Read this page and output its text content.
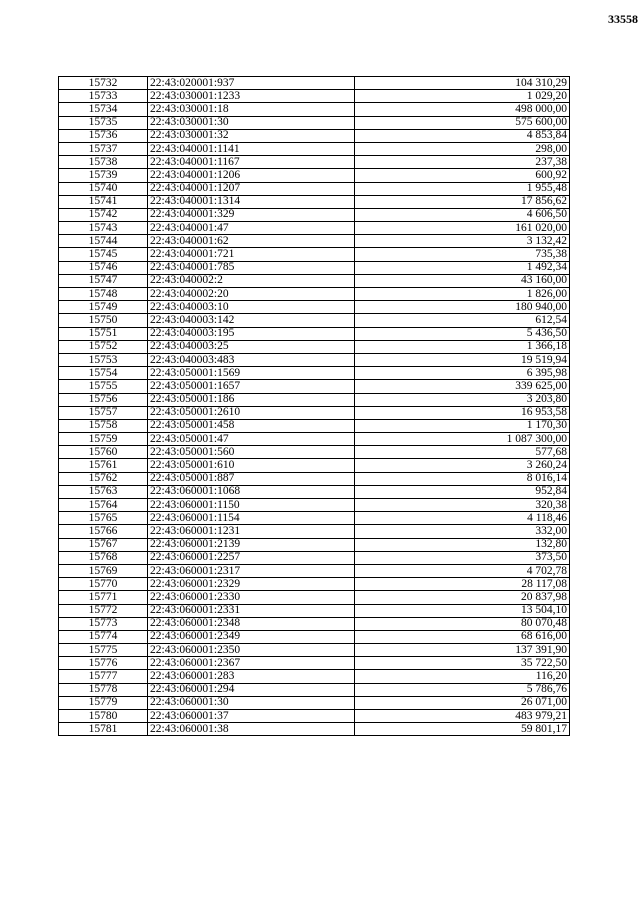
33558
15732	22:43:020001:937	104 310,29
15733	22:43:030001:1233	1 029,20
15734	22:43:030001:18	498 000,00
15735	22:43:030001:30	575 600,00
15736	22:43:030001:32	4 853,84
15737	22:43:040001:1141	298,00
15738	22:43:040001:1167	237,38
15739	22:43:040001:1206	600,92
15740	22:43:040001:1207	1 955,48
15741	22:43:040001:1314	17 856,62
15742	22:43:040001:329	4 606,50
15743	22:43:040001:47	161 020,00
15744	22:43:040001:62	3 132,42
15745	22:43:040001:721	735,38
15746	22:43:040001:785	1 492,34
15747	22:43:040002:2	43 160,00
15748	22:43:040002:20	1 826,00
15749	22:43:040003:10	180 940,00
15750	22:43:040003:142	612,54
15751	22:43:040003:195	5 436,50
15752	22:43:040003:25	1 366,18
15753	22:43:040003:483	19 519,94
15754	22:43:050001:1569	6 395,98
15755	22:43:050001:1657	339 625,00
15756	22:43:050001:186	3 203,80
15757	22:43:050001:2610	16 953,58
15758	22:43:050001:458	1 170,30
15759	22:43:050001:47	1 087 300,00
15760	22:43:050001:560	577,68
15761	22:43:050001:610	3 260,24
15762	22:43:050001:887	8 016,14
15763	22:43:060001:1068	952,84
15764	22:43:060001:1150	320,38
15765	22:43:060001:1154	4 118,46
15766	22:43:060001:1231	332,00
15767	22:43:060001:2139	132,80
15768	22:43:060001:2257	373,50
15769	22:43:060001:2317	4 702,78
15770	22:43:060001:2329	28 117,08
15771	22:43:060001:2330	20 837,98
15772	22:43:060001:2331	13 504,10
15773	22:43:060001:2348	80 070,48
15774	22:43:060001:2349	68 616,00
15775	22:43:060001:2350	137 391,90
15776	22:43:060001:2367	35 722,50
15777	22:43:060001:283	116,20
15778	22:43:060001:294	5 786,76
15779	22:43:060001:30	26 071,00
15780	22:43:060001:37	483 979,21
15781	22:43:060001:38	59 801,17
